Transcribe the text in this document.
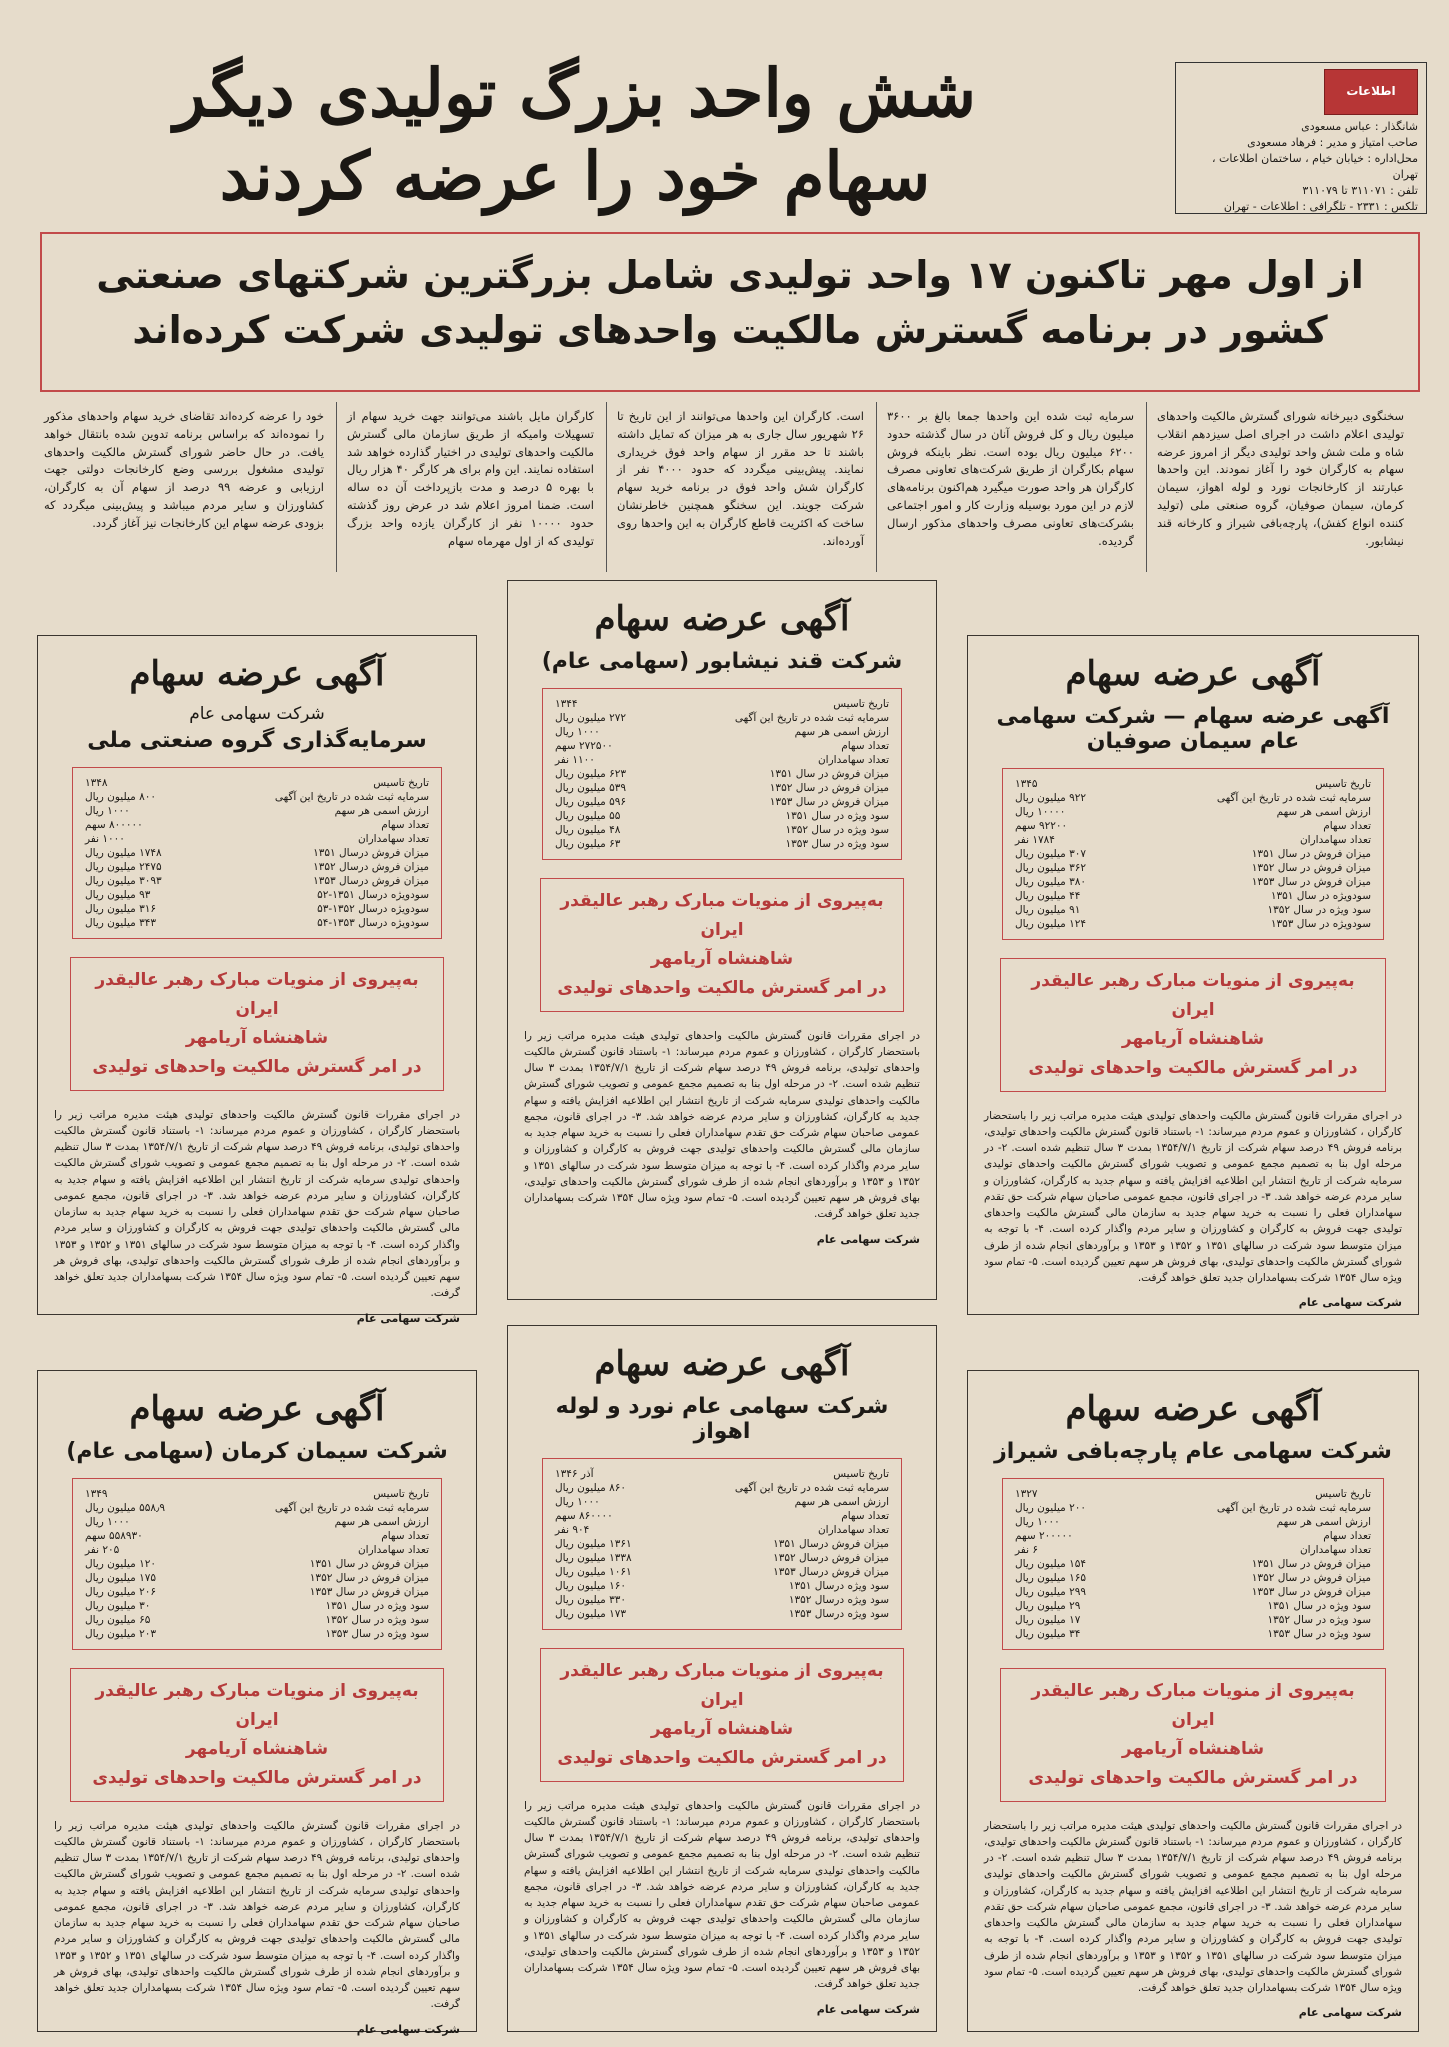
اطلاعات
شانگذار : عباس مسعودی
صاحب امتیاز و مدیر : فرهاد مسعودی
محل‌اداره : خیابان خیام ، ساختمان اطلاعات ، تهران
تلفن : ۳۱۱۰۷۱ تا ۳۱۱۰۷۹
تلکس : ۲۳۳۱ - تلگرافی : اطلاعات - تهران
شش واحد بزرگ تولیدی دیگر
سهام خود را عرضه کردند
از اول مهر تاکنون ۱۷ واحد تولیدی شامل بزرگترین شرکتهای صنعتی
کشور در برنامه گسترش مالکیت واحدهای تولیدی شرکت کرده‌اند
سخنگوی دبیرخانه شورای گسترش مالکیت واحدهای تولیدی اعلام داشت در اجرای اصل سیزدهم انقلاب شاه و ملت شش واحد تولیدی دیگر از امروز عرضه سهام به کارگران خود را آغاز نمودند. این واحدها عبارتند از کارخانجات نورد و لوله اهواز، سیمان کرمان، سیمان صوفیان، گروه صنعتی ملی (تولید کننده انواع کفش)، پارچه‌بافی شیراز و کارخانه قند نیشابور.
سرمایه ثبت شده این واحدها جمعا بالغ بر ۳۶۰۰ میلیون ریال و کل فروش آنان در سال گذشته حدود ۶۲۰۰ میلیون ریال بوده است. نظر باینکه فروش سهام بکارگران از طریق شرکت‌های تعاونی مصرف کارگران هر واحد صورت میگیرد هم‌اکنون برنامه‌های لازم در این مورد بوسیله وزارت کار و امور اجتماعی بشرکت‌های تعاونی مصرف واحدهای مذکور ارسال گردیده.
است. کارگران این واحدها می‌توانند از این تاریخ تا ۲۶ شهریور سال جاری به هر میزان که تمایل داشته باشند تا حد مقرر از سهام واحد فوق خریداری نمایند. پیش‌بینی میگردد که حدود ۴۰۰۰ نفر از کارگران شش واحد فوق در برنامه خرید سهام شرکت جویند. این سخنگو همچنین خاطرنشان ساخت که اکثریت قاطع کارگران به این واحدها روی آورده‌اند.
کارگران مایل باشند می‌توانند جهت خرید سهام از تسهیلات وامیکه از طریق سازمان مالی گسترش مالکیت واحدهای تولیدی در اختیار گذارده خواهد شد استفاده نمایند. این وام برای هر کارگر ۴۰ هزار ریال با بهره ۵ درصد و مدت بازپرداخت آن ده ساله است. ضمنا امروز اعلام شد در عرض روز گذشته حدود ۱۰۰۰۰ نفر از کارگران یازده واحد بزرگ تولیدی که از اول مهرماه سهام
خود را عرضه کرده‌اند تقاضای خرید سهام واحدهای مذکور را نموده‌اند که براساس برنامه تدوین شده بانتقال خواهد یافت. در حال حاضر شورای گسترش مالکیت واحدهای تولیدی مشغول بررسی وضع کارخانجات دولتی جهت ارزیابی و عرضه ۹۹ درصد از سهام آن به کارگران، کشاورزان و سایر مردم میباشد و پیش‌بینی میگردد که بزودی عرضه سهام این کارخانجات نیز آغاز گردد.
آگهی عرضه سهام
آگهی عرضه سهام — شرکت سهامی عام سیمان صوفیان
تاریخ تاسیس	۱۳۴۵
سرمایه ثبت شده در تاریخ این آگهی	۹۲۲ میلیون ریال
ارزش اسمی هر سهم	۱۰۰۰۰ ریال
تعداد سهام	۹۲۲۰۰ سهم
تعداد سهامداران	۱۷۸۴ نفر
میزان فروش در سال ۱۳۵۱	۳۰۷ میلیون ریال
میزان فروش در سال ۱۳۵۲	۳۶۲ میلیون ریال
میزان فروش در سال ۱۳۵۳	۳۸۰ میلیون ریال
سودویژه در سال ۱۳۵۱	۴۴ میلیون ریال
سود ویژه در سال ۱۳۵۲	۹۱ میلیون ریال
سودویژه در سال ۱۳۵۳	۱۲۴ میلیون ریال
به‌پیروی از منویات مبارک رهبر عالیقدر ایران
شاهنشاه آریامهر
در امر گسترش مالکیت واحدهای تولیدی
در اجرای مقررات قانون گسترش مالکیت واحدهای تولیدی هیئت مدیره مراتب زیر را باستحضار کارگران ، کشاورزان و عموم مردم میرساند: ۱- باستناد قانون گسترش مالکیت واحدهای تولیدی، برنامه فروش ۴۹ درصد سهام شرکت از تاریخ ۱۳۵۴/۷/۱ بمدت ۳ سال تنظیم شده است. ۲- در مرحله اول بنا به تصمیم مجمع عمومی و تصویب شورای گسترش مالکیت واحدهای تولیدی سرمایه شرکت از تاریخ انتشار این اطلاعیه افزایش یافته و سهام جدید به کارگران، کشاورزان و سایر مردم عرضه خواهد شد. ۳- در اجرای قانون، مجمع عمومی صاحبان سهام شرکت حق تقدم سهامداران فعلی را نسبت به خرید سهام جدید به سازمان مالی گسترش مالکیت واحدهای تولیدی جهت فروش به کارگران و کشاورزان و سایر مردم واگذار کرده است. ۴- با توجه به میزان متوسط سود شرکت در سالهای ۱۳۵۱ و ۱۳۵۲ و ۱۳۵۳ و برآوردهای انجام شده از طرف شورای گسترش مالکیت واحدهای تولیدی، بهای فروش هر سهم تعیین گردیده است. ۵- تمام سود ویژه سال ۱۳۵۴ شرکت بسهامداران جدید تعلق خواهد گرفت.
شرکت سهامی عام
آگهی عرضه سهام
شرکت قند نیشابور (سهامی عام)
تاریخ تاسیس	۱۳۴۴
سرمایه ثبت شده در تاریخ این آگهی	۲۷۲ میلیون ریال
ارزش اسمی هر سهم	۱۰۰۰ ریال
تعداد سهام	۲۷۲۵۰۰ سهم
تعداد سهامداران	۱۱۰۰ نفر
میزان فروش در سال ۱۳۵۱	۶۲۳ میلیون ریال
میزان فروش در سال ۱۳۵۲	۵۳۹ میلیون ریال
میزان فروش در سال ۱۳۵۳	۵۹۶ میلیون ریال
سود ویژه در سال ۱۳۵۱	۵۵ میلیون ریال
سود ویژه در سال ۱۳۵۲	۴۸ میلیون ریال
سود ویژه در سال ۱۳۵۳	۶۳ میلیون ریال
به‌پیروی از منویات مبارک رهبر عالیقدر ایران
شاهنشاه آریامهر
در امر گسترش مالکیت واحدهای تولیدی
در اجرای مقررات قانون گسترش مالکیت واحدهای تولیدی هیئت مدیره مراتب زیر را باستحضار کارگران ، کشاورزان و عموم مردم میرساند: ۱- باستناد قانون گسترش مالکیت واحدهای تولیدی، برنامه فروش ۴۹ درصد سهام شرکت از تاریخ ۱۳۵۴/۷/۱ بمدت ۳ سال تنظیم شده است. ۲- در مرحله اول بنا به تصمیم مجمع عمومی و تصویب شورای گسترش مالکیت واحدهای تولیدی سرمایه شرکت از تاریخ انتشار این اطلاعیه افزایش یافته و سهام جدید به کارگران، کشاورزان و سایر مردم عرضه خواهد شد. ۳- در اجرای قانون، مجمع عمومی صاحبان سهام شرکت حق تقدم سهامداران فعلی را نسبت به خرید سهام جدید به سازمان مالی گسترش مالکیت واحدهای تولیدی جهت فروش به کارگران و کشاورزان و سایر مردم واگذار کرده است. ۴- با توجه به میزان متوسط سود شرکت در سالهای ۱۳۵۱ و ۱۳۵۲ و ۱۳۵۳ و برآوردهای انجام شده از طرف شورای گسترش مالکیت واحدهای تولیدی، بهای فروش هر سهم تعیین گردیده است. ۵- تمام سود ویژه سال ۱۳۵۴ شرکت بسهامداران جدید تعلق خواهد گرفت.
شرکت سهامی عام
آگهی عرضه سهام
شرکت سهامی عام
سرمایه‌گذاری گروه صنعتی ملی
تاریخ تاسیس	۱۳۴۸
سرمایه ثبت شده در تاریخ این آگهی	۸۰۰ میلیون ریال
ارزش اسمی هر سهم	۱۰۰۰ ریال
تعداد سهام	۸۰۰۰۰۰ سهم
تعداد سهامداران	۱۰۰۰ نفر
میزان فروش درسال ۱۳۵۱	۱۷۴۸ میلیون ریال
میزان فروش درسال ۱۳۵۲	۲۴۷۵ میلیون ریال
میزان فروش درسال ۱۳۵۳	۳۰۹۳ میلیون ریال
سودویژه درسال ۱۳۵۱-۵۲	۹۳ میلیون ریال
سودویژه درسال ۱۳۵۲-۵۳	۳۱۶ میلیون ریال
سودویژه درسال ۱۳۵۳-۵۴	۳۴۳ میلیون ریال
به‌پیروی از منویات مبارک رهبر عالیقدر ایران
شاهنشاه آریامهر
در امر گسترش مالکیت واحدهای تولیدی
در اجرای مقررات قانون گسترش مالکیت واحدهای تولیدی هیئت مدیره مراتب زیر را باستحضار کارگران ، کشاورزان و عموم مردم میرساند: ۱- باستناد قانون گسترش مالکیت واحدهای تولیدی، برنامه فروش ۴۹ درصد سهام شرکت از تاریخ ۱۳۵۴/۷/۱ بمدت ۳ سال تنظیم شده است. ۲- در مرحله اول بنا به تصمیم مجمع عمومی و تصویب شورای گسترش مالکیت واحدهای تولیدی سرمایه شرکت از تاریخ انتشار این اطلاعیه افزایش یافته و سهام جدید به کارگران، کشاورزان و سایر مردم عرضه خواهد شد. ۳- در اجرای قانون، مجمع عمومی صاحبان سهام شرکت حق تقدم سهامداران فعلی را نسبت به خرید سهام جدید به سازمان مالی گسترش مالکیت واحدهای تولیدی جهت فروش به کارگران و کشاورزان و سایر مردم واگذار کرده است. ۴- با توجه به میزان متوسط سود شرکت در سالهای ۱۳۵۱ و ۱۳۵۲ و ۱۳۵۳ و برآوردهای انجام شده از طرف شورای گسترش مالکیت واحدهای تولیدی، بهای فروش هر سهم تعیین گردیده است. ۵- تمام سود ویژه سال ۱۳۵۴ شرکت بسهامداران جدید تعلق خواهد گرفت.
شرکت سهامی عام
آگهی عرضه سهام
شرکت سهامی عام پارچه‌بافی شیراز
تاریخ تاسیس	۱۳۲۷
سرمایه ثبت شده در تاریخ این آگهی	۲۰۰ میلیون ریال
ارزش اسمی هر سهم	۱۰۰۰ ریال
تعداد سهام	۲۰۰۰۰۰ سهم
تعداد سهامداران	۶ نفر
میزان فروش در سال ۱۳۵۱	۱۵۴ میلیون ریال
میزان فروش در سال ۱۳۵۲	۱۶۵ میلیون ریال
میزان فروش در سال ۱۳۵۳	۲۹۹ میلیون ریال
سود ویژه در سال ۱۳۵۱	۲۹ میلیون ریال
سود ویژه در سال ۱۳۵۲	۱۷ میلیون ریال
سود ویژه در سال ۱۳۵۳	۳۴ میلیون ریال
به‌پیروی از منویات مبارک رهبر عالیقدر ایران
شاهنشاه آریامهر
در امر گسترش مالکیت واحدهای تولیدی
در اجرای مقررات قانون گسترش مالکیت واحدهای تولیدی هیئت مدیره مراتب زیر را باستحضار کارگران ، کشاورزان و عموم مردم میرساند: ۱- باستناد قانون گسترش مالکیت واحدهای تولیدی، برنامه فروش ۴۹ درصد سهام شرکت از تاریخ ۱۳۵۴/۷/۱ بمدت ۳ سال تنظیم شده است. ۲- در مرحله اول بنا به تصمیم مجمع عمومی و تصویب شورای گسترش مالکیت واحدهای تولیدی سرمایه شرکت از تاریخ انتشار این اطلاعیه افزایش یافته و سهام جدید به کارگران، کشاورزان و سایر مردم عرضه خواهد شد. ۳- در اجرای قانون، مجمع عمومی صاحبان سهام شرکت حق تقدم سهامداران فعلی را نسبت به خرید سهام جدید به سازمان مالی گسترش مالکیت واحدهای تولیدی جهت فروش به کارگران و کشاورزان و سایر مردم واگذار کرده است. ۴- با توجه به میزان متوسط سود شرکت در سالهای ۱۳۵۱ و ۱۳۵۲ و ۱۳۵۳ و برآوردهای انجام شده از طرف شورای گسترش مالکیت واحدهای تولیدی، بهای فروش هر سهم تعیین گردیده است. ۵- تمام سود ویژه سال ۱۳۵۴ شرکت بسهامداران جدید تعلق خواهد گرفت.
شرکت سهامی عام
آگهی عرضه سهام
شرکت سهامی عام نورد و لوله اهواز
تاریخ تاسیس	آذر ۱۳۴۶
سرمایه ثبت شده در تاریخ این آگهی	۸۶۰ میلیون ریال
ارزش اسمی هر سهم	۱۰۰۰ ریال
تعداد سهام	۸۶۰۰۰۰ سهم
تعداد سهامداران	۹۰۴ نفر
میزان فروش درسال ۱۳۵۱	۱۳۶۱ میلیون ریال
میزان فروش درسال ۱۳۵۲	۱۳۳۸ میلیون ریال
میزان فروش درسال ۱۳۵۳	۱۰۶۱ میلیون ریال
سود ویژه درسال ۱۳۵۱	۱۶۰ میلیون ریال
سود ویژه درسال ۱۳۵۲	۳۳۰ میلیون ریال
سود ویژه درسال ۱۳۵۳	۱۷۳ میلیون ریال
به‌پیروی از منویات مبارک رهبر عالیقدر ایران
شاهنشاه آریامهر
در امر گسترش مالکیت واحدهای تولیدی
در اجرای مقررات قانون گسترش مالکیت واحدهای تولیدی هیئت مدیره مراتب زیر را باستحضار کارگران ، کشاورزان و عموم مردم میرساند: ۱- باستناد قانون گسترش مالکیت واحدهای تولیدی، برنامه فروش ۴۹ درصد سهام شرکت از تاریخ ۱۳۵۴/۷/۱ بمدت ۳ سال تنظیم شده است. ۲- در مرحله اول بنا به تصمیم مجمع عمومی و تصویب شورای گسترش مالکیت واحدهای تولیدی سرمایه شرکت از تاریخ انتشار این اطلاعیه افزایش یافته و سهام جدید به کارگران، کشاورزان و سایر مردم عرضه خواهد شد. ۳- در اجرای قانون، مجمع عمومی صاحبان سهام شرکت حق تقدم سهامداران فعلی را نسبت به خرید سهام جدید به سازمان مالی گسترش مالکیت واحدهای تولیدی جهت فروش به کارگران و کشاورزان و سایر مردم واگذار کرده است. ۴- با توجه به میزان متوسط سود شرکت در سالهای ۱۳۵۱ و ۱۳۵۲ و ۱۳۵۳ و برآوردهای انجام شده از طرف شورای گسترش مالکیت واحدهای تولیدی، بهای فروش هر سهم تعیین گردیده است. ۵- تمام سود ویژه سال ۱۳۵۴ شرکت بسهامداران جدید تعلق خواهد گرفت.
شرکت سهامی عام
آگهی عرضه سهام
شرکت سیمان کرمان (سهامی عام)
تاریخ تاسیس	۱۳۴۹
سرمایه ثبت شده در تاریخ این آگهی	۵۵۸٫۹ میلیون ریال
ارزش اسمی هر سهم	۱۰۰۰ ریال
تعداد سهام	۵۵۸۹۳۰ سهم
تعداد سهامداران	۲۰۵ نفر
میزان فروش در سال ۱۳۵۱	۱۲۰ میلیون ریال
میزان فروش در سال ۱۳۵۲	۱۷۵ میلیون ریال
میزان فروش در سال ۱۳۵۳	۲۰۶ میلیون ریال
سود ویژه در سال ۱۳۵۱	۳۰ میلیون ریال
سود ویژه در سال ۱۳۵۲	۶۵ میلیون ریال
سود ویژه در سال ۱۳۵۳	۲۰۳ میلیون ریال
به‌پیروی از منویات مبارک رهبر عالیقدر ایران
شاهنشاه آریامهر
در امر گسترش مالکیت واحدهای تولیدی
در اجرای مقررات قانون گسترش مالکیت واحدهای تولیدی هیئت مدیره مراتب زیر را باستحضار کارگران ، کشاورزان و عموم مردم میرساند: ۱- باستناد قانون گسترش مالکیت واحدهای تولیدی، برنامه فروش ۴۹ درصد سهام شرکت از تاریخ ۱۳۵۴/۷/۱ بمدت ۳ سال تنظیم شده است. ۲- در مرحله اول بنا به تصمیم مجمع عمومی و تصویب شورای گسترش مالکیت واحدهای تولیدی سرمایه شرکت از تاریخ انتشار این اطلاعیه افزایش یافته و سهام جدید به کارگران، کشاورزان و سایر مردم عرضه خواهد شد. ۳- در اجرای قانون، مجمع عمومی صاحبان سهام شرکت حق تقدم سهامداران فعلی را نسبت به خرید سهام جدید به سازمان مالی گسترش مالکیت واحدهای تولیدی جهت فروش به کارگران و کشاورزان و سایر مردم واگذار کرده است. ۴- با توجه به میزان متوسط سود شرکت در سالهای ۱۳۵۱ و ۱۳۵۲ و ۱۳۵۳ و برآوردهای انجام شده از طرف شورای گسترش مالکیت واحدهای تولیدی، بهای فروش هر سهم تعیین گردیده است. ۵- تمام سود ویژه سال ۱۳۵۴ شرکت بسهامداران جدید تعلق خواهد گرفت.
شرکت سهامی عام
